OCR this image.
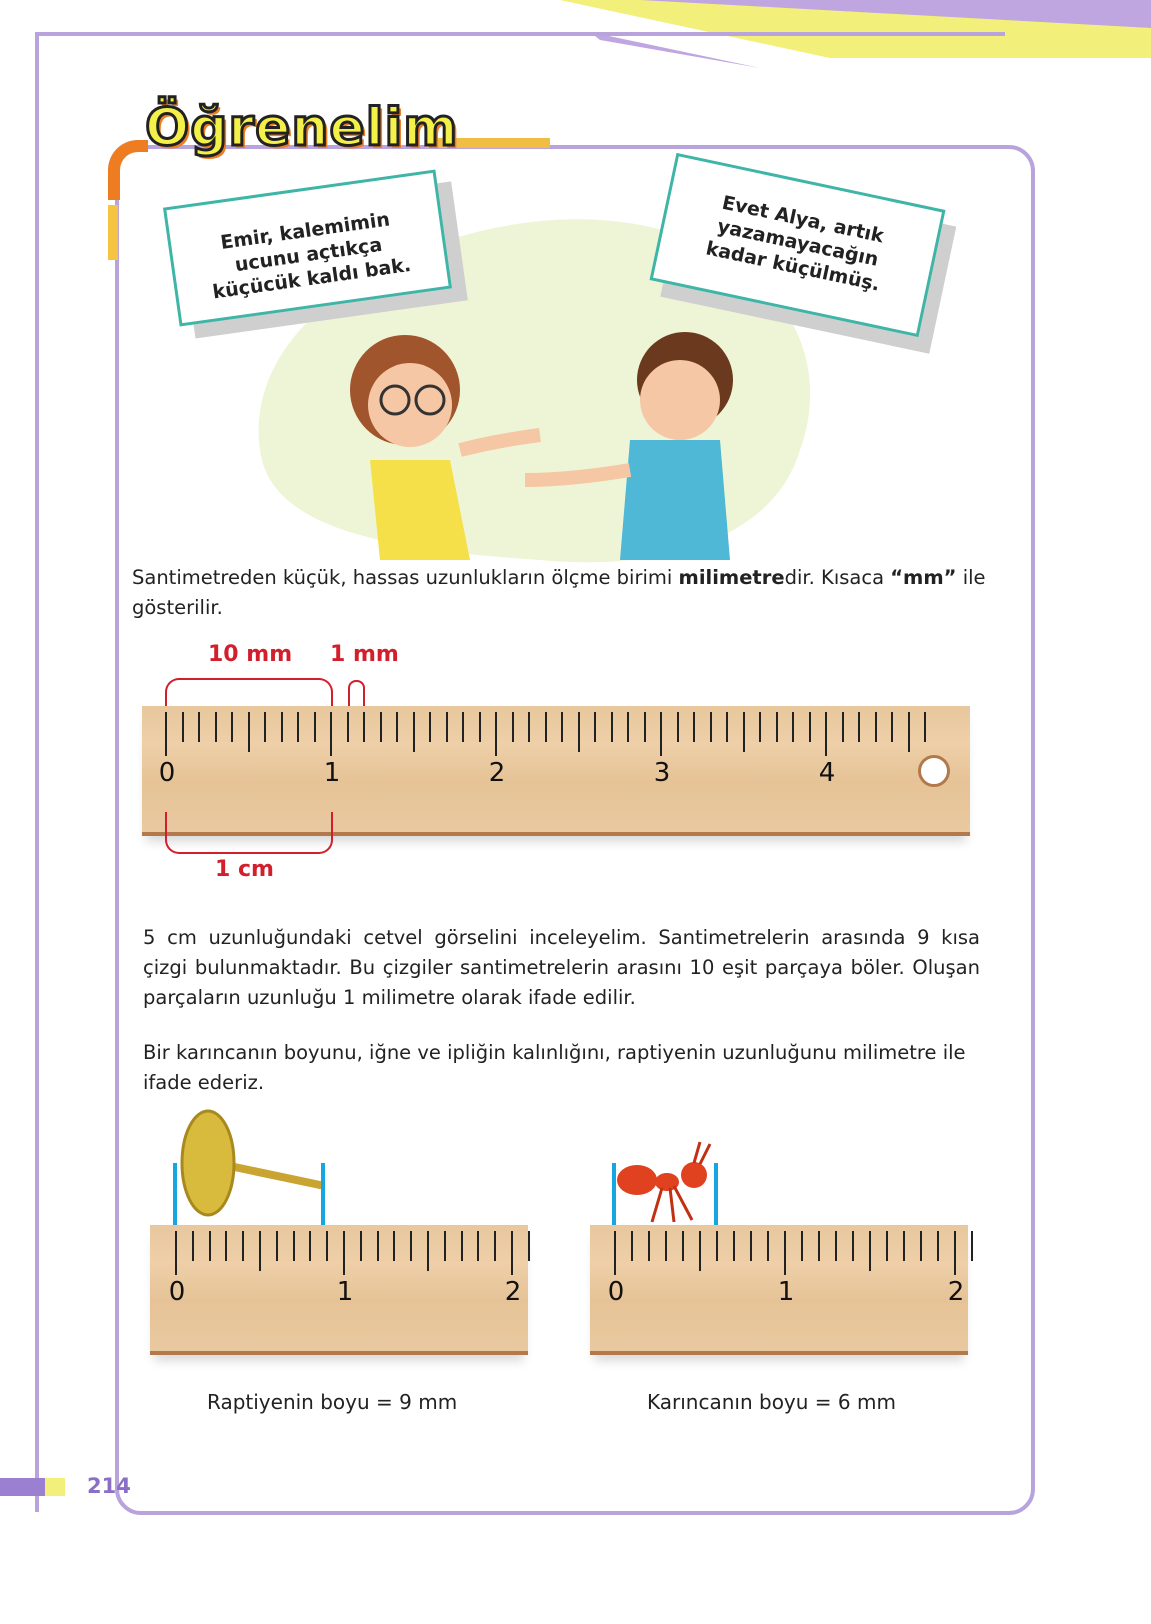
Öğrenelim
Emir, kalemimin ucunu açtıkça küçücük kaldı bak.
Evet Alya, artık yazamayacağın kadar küçülmüş.
Santimetreden küçük, hassas uzunlukların ölçme birimi milimetredir. Kısaca “mm” ile gösterilir.
10 mm 1 mm
0	1	2	3	4
1 cm
5 cm uzunluğundaki cetvel görselini inceleyelim. Santimetrelerin arasında 9 kısa çizgi bulunmaktadır. Bu çizgiler santimetrelerin arasını 10 eşit parçaya böler. Oluşan parçaların uzunluğu 1 milimetre olarak ifade edilir.
Bir karıncanın boyunu, iğne ve ipliğin kalınlığını, raptiyenin uzunluğunu milimetre ile ifade ederiz.
0	1	2
Raptiyenin boyu = 9 mm
0	1	2
Karıncanın boyu = 6 mm
214
